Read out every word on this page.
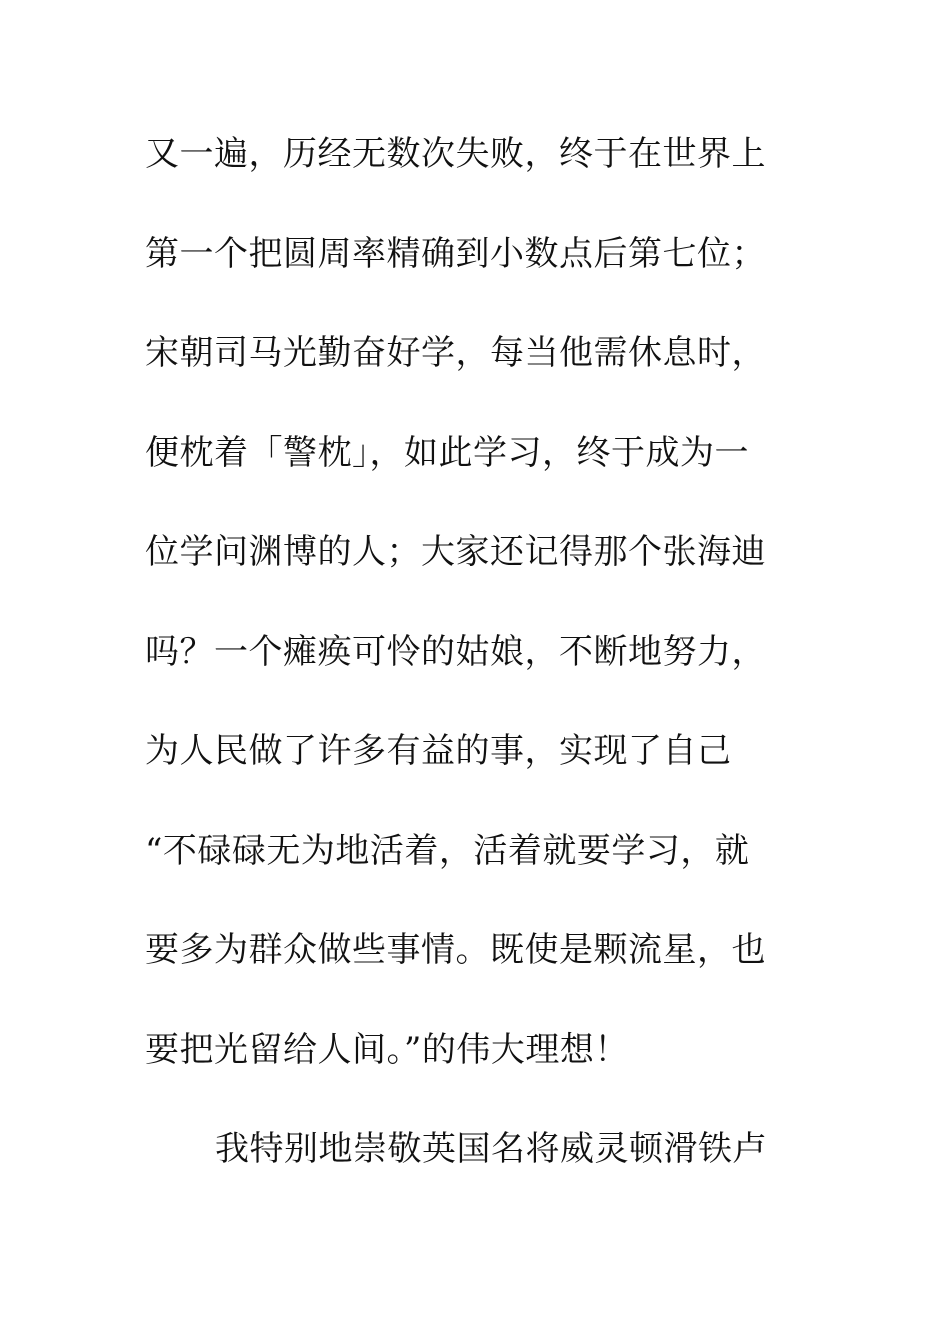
又一遍，历经无数次失败，终于在世界上
第一个把圆周率精确到小数点后第七位；
宋朝司马光勤奋好学，每当他需休息时，
便枕着「警枕」，如此学习，终于成为一
位学问渊博的人；大家还记得那个张海迪
吗？一个瘫痪可怜的姑娘，不断地努力，
为人民做了许多有益的事，实现了自己
“不碌碌无为地活着，活着就要学习，就
要多为群众做些事情。既使是颗流星，也
要把光留给人间。”的伟大理想！
我特别地崇敬英国名将威灵顿滑铁卢
